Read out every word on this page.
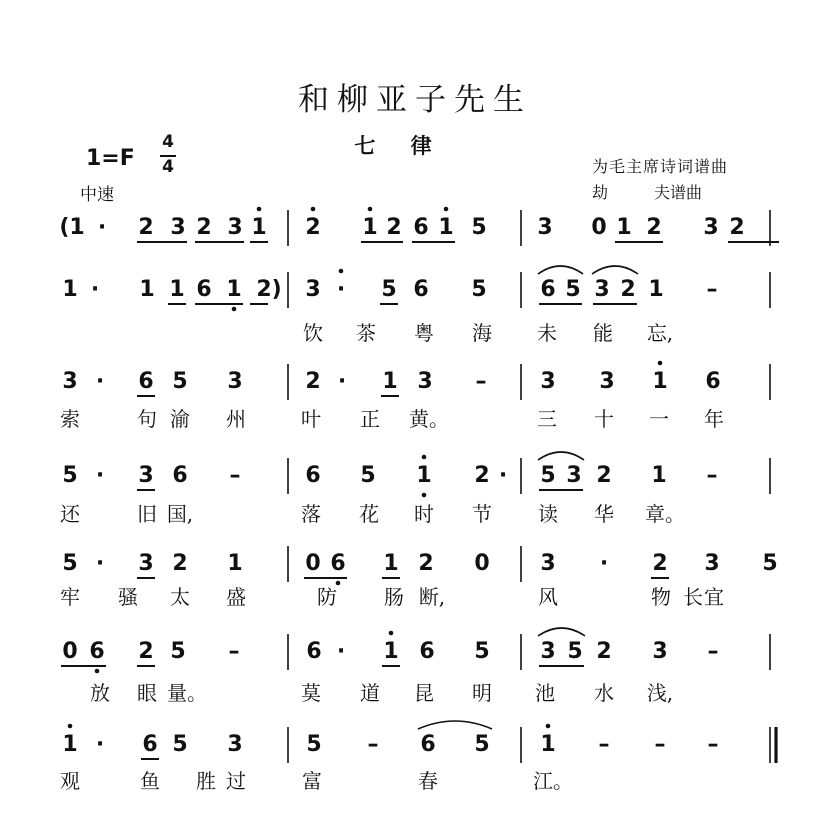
和柳亚子先生
七 律
1=F
4
4
中速
为毛主席诗词谱曲
劫	夫谱曲
(1 ·	2 3 2 3 1 2 1 2 6 1 5 3 0 1 2 3 2
1 ·	1 1 6 1 2)	3 ·	5 6 5 6 5 3 2 1	–
饮 茶 粤 海 未 能 忘,
3 ·	6 5 3	2 ·	1 3	–	3 3 1 6
索	句 渝 州	叶 正 黄。	三 十 一 年
5 ·	3 6	–	6 5 1 2 ·	5 3 2 1	–
还	旧 国,	落 花 时 节 读 华 章。
5 ·	3 2 1	0 6 1 2 0 3	·	2 3 5
牢 骚 太 盛	防 肠 断,	风	物 长 宜
0 6 2 5	–	6 ·	1 6 5 3 5 2 3	–
放 眼 量。	莫 道 昆 明 池 水 浅,
1 ·	6 5 3	5	–	6 5 1	–	–	–
观	鱼 胜 过	富	春	江。
